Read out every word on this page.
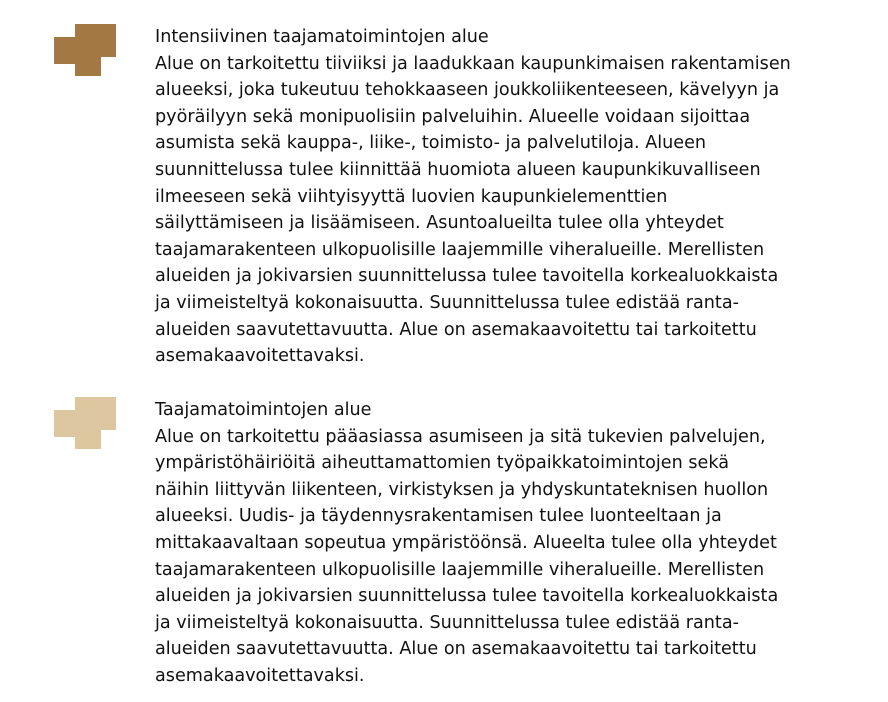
Intensiivinen taajamatoimintojen alue

Alue on tarkoitettu tiiviiksi ja laadukkaan kaupunkimaisen rakentamisen
alueeksi, joka tukeutuu tehokkaaseen joukkoliikenteeseen, kävelyyn ja
pyöräilyyn sekä monipuolisiin palveluihin. Alueelle voidaan sijoittaa
asumista sekä kauppa-, liike-, toimisto- ja palvelutiloja. Alueen
suunnittelussa tulee kiinnittää huomiota alueen kaupunkikuvalliseen
ilmeeseen sekä viihtyisyyttä luovien kaupunkielementtien
säilyttämiseen ja lisäämiseen. Asuntoalueilta tulee olla yhteydet
taajamarakenteen ulkopuolisille laajemmille viheralueille. Merellisten
alueiden ja jokivarsien suunnittelussa tulee tavoitella korkealuokkaista
ja viimeisteltyä kokonaisuutta. Suunnittelussa tulee edistää ranta-
alueiden saavutettavuutta. Alue on asemakaavoitettu tai tarkoitettu
asemakaavoitettavaksi.

Taajamatoimintojen alue

Alue on tarkoitettu pääasiassa asumiseen ja sitä tukevien palvelujen,
ympäristöhäiriöitä aiheuttamattomien työpaikkatoimintojen sekä
näihin liittyvän liikenteen, virkistyksen ja yhdyskuntateknisen huollon
alueeksi. Uudis- ja täydennysrakentamisen tulee luonteeltaan ja
mittakaavaltaan sopeutua ympäristöönsä. Alueelta tulee olla yhteydet
taajamarakenteen ulkopuolisille laajemmille viheralueille. Merellisten
alueiden ja jokivarsien suunnittelussa tulee tavoitella korkealuokkaista
ja viimeisteltyä kokonaisuutta. Suunnittelussa tulee edistää ranta-
alueiden saavutettavuutta. Alue on asemakaavoitettu tai tarkoitettu
asemakaavoitettavaksi.
